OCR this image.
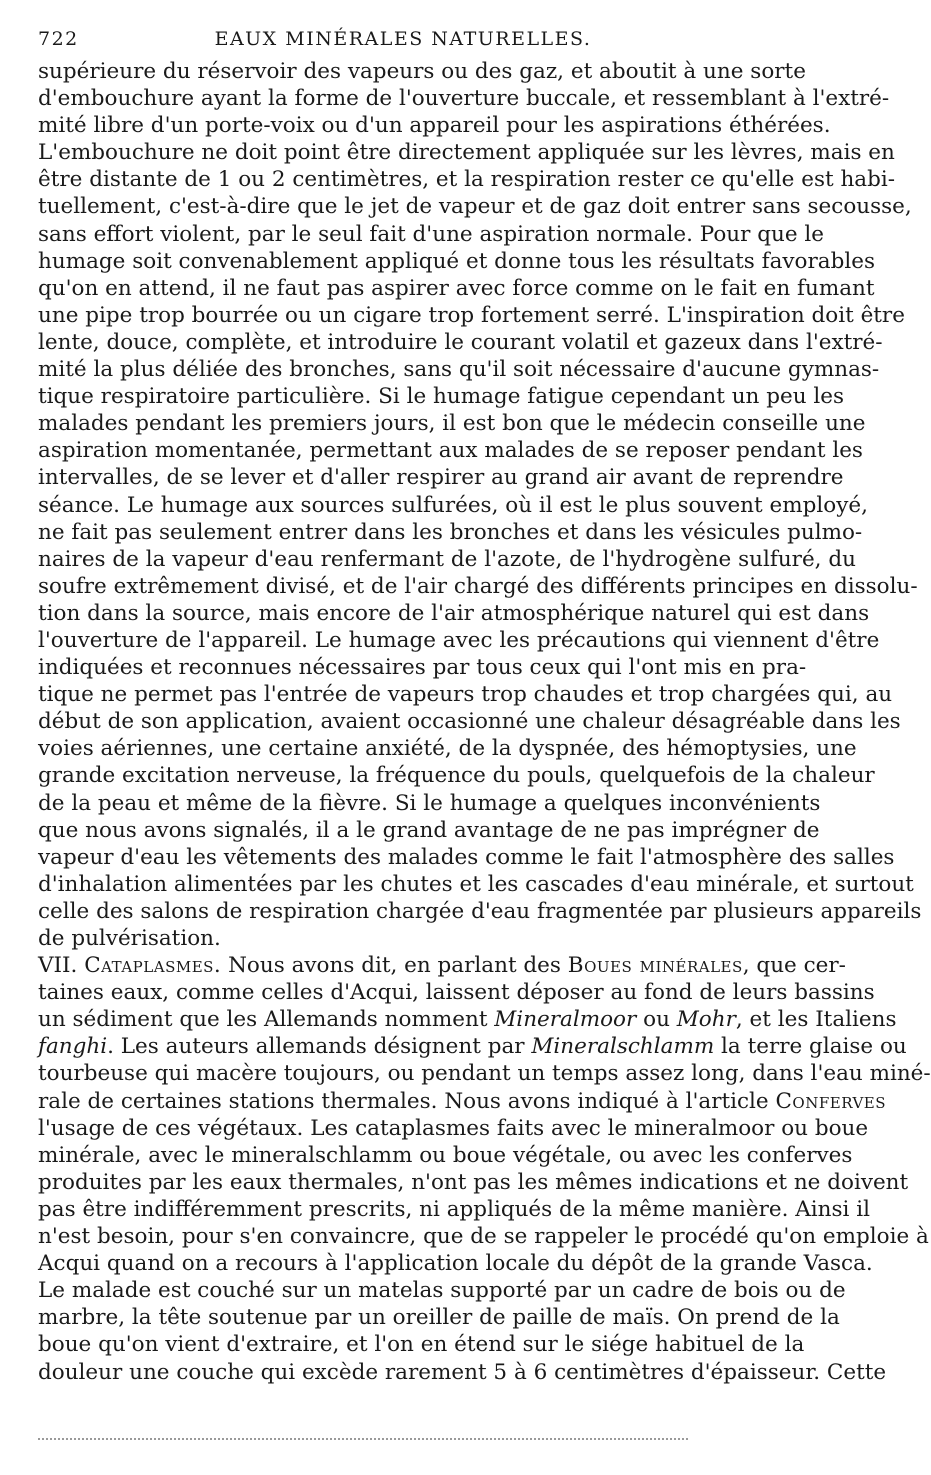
722	EAUX MINÉRALES NATURELLES.
supérieure du réservoir des vapeurs ou des gaz, et aboutit à une sorte
d'embouchure ayant la forme de l'ouverture buccale, et ressemblant à l'extré-
mité libre d'un porte-voix ou d'un appareil pour les aspirations éthérées.
L'embouchure ne doit point être directement appliquée sur les lèvres, mais en
être distante de 1 ou 2 centimètres, et la respiration rester ce qu'elle est habi-
tuellement, c'est-à-dire que le jet de vapeur et de gaz doit entrer sans secousse,
sans effort violent, par le seul fait d'une aspiration normale. Pour que le
humage soit convenablement appliqué et donne tous les résultats favorables
qu'on en attend, il ne faut pas aspirer avec force comme on le fait en fumant
une pipe trop bourrée ou un cigare trop fortement serré. L'inspiration doit être
lente, douce, complète, et introduire le courant volatil et gazeux dans l'extré-
mité la plus déliée des bronches, sans qu'il soit nécessaire d'aucune gymnas-
tique respiratoire particulière. Si le humage fatigue cependant un peu les
malades pendant les premiers jours, il est bon que le médecin conseille une
aspiration momentanée, permettant aux malades de se reposer pendant les
intervalles, de se lever et d'aller respirer au grand air avant de reprendre
séance. Le humage aux sources sulfurées, où il est le plus souvent employé,
ne fait pas seulement entrer dans les bronches et dans les vésicules pulmo-
naires de la vapeur d'eau renfermant de l'azote, de l'hydrogène sulfuré, du
soufre extrêmement divisé, et de l'air chargé des différents principes en dissolu-
tion dans la source, mais encore de l'air atmosphérique naturel qui est dans
l'ouverture de l'appareil. Le humage avec les précautions qui viennent d'être
indiquées et reconnues nécessaires par tous ceux qui l'ont mis en pra-
tique ne permet pas l'entrée de vapeurs trop chaudes et trop chargées qui, au
début de son application, avaient occasionné une chaleur désagréable dans les
voies aériennes, une certaine anxiété, de la dyspnée, des hémoptysies, une
grande excitation nerveuse, la fréquence du pouls, quelquefois de la chaleur
de la peau et même de la fièvre. Si le humage a quelques inconvénients
que nous avons signalés, il a le grand avantage de ne pas imprégner de
vapeur d'eau les vêtements des malades comme le fait l'atmosphère des salles
d'inhalation alimentées par les chutes et les cascades d'eau minérale, et surtout
celle des salons de respiration chargée d'eau fragmentée par plusieurs appareils
de pulvérisation.
VII. Cataplasmes. Nous avons dit, en parlant des Boues minérales, que cer-
taines eaux, comme celles d'Acqui, laissent déposer au fond de leurs bassins
un sédiment que les Allemands nomment Mineralmoor ou Mohr, et les Italiens
fanghi. Les auteurs allemands désignent par Mineralschlamm la terre glaise ou
tourbeuse qui macère toujours, ou pendant un temps assez long, dans l'eau miné-
rale de certaines stations thermales. Nous avons indiqué à l'article Conferves
l'usage de ces végétaux. Les cataplasmes faits avec le mineralmoor ou boue
minérale, avec le mineralschlamm ou boue végétale, ou avec les conferves
produites par les eaux thermales, n'ont pas les mêmes indications et ne doivent
pas être indifféremment prescrits, ni appliqués de la même manière. Ainsi il
n'est besoin, pour s'en convaincre, que de se rappeler le procédé qu'on emploie à
Acqui quand on a recours à l'application locale du dépôt de la grande Vasca.
Le malade est couché sur un matelas supporté par un cadre de bois ou de
marbre, la tête soutenue par un oreiller de paille de maïs. On prend de la
boue qu'on vient d'extraire, et l'on en étend sur le siége habituel de la
douleur une couche qui excède rarement 5 à 6 centimètres d'épaisseur. Cette
